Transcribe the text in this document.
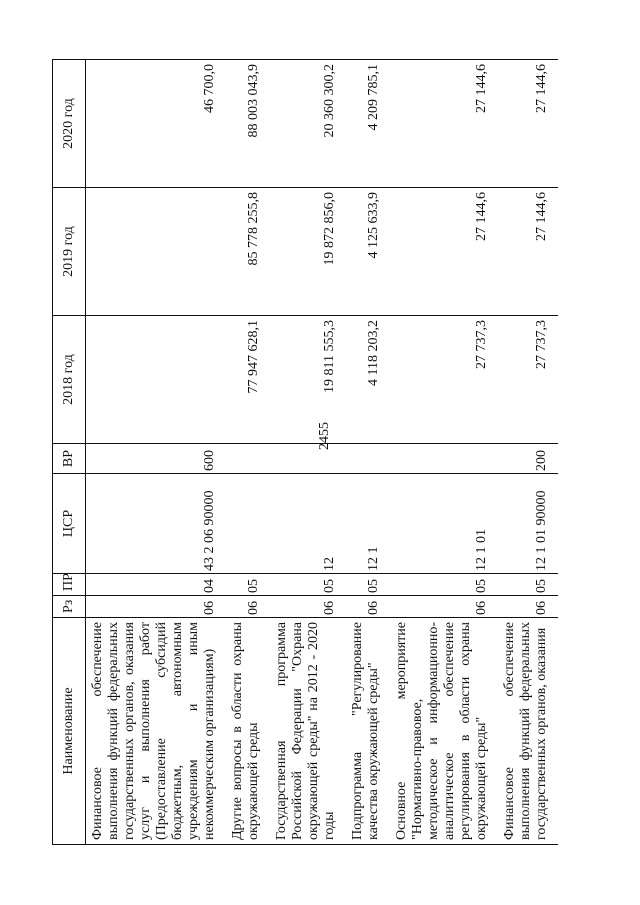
2455
Наименование	Рз	ПР	ЦСР	ВР	2018 год	2019 год	2020 год
Финансовое обеспечение выполнения функций федеральных государственных органов, оказания услуг и выполнения работ (Предоставление субсидий бюджетным, автономным учреждениям и иным некоммерческим организациям)	06	04	43 2 06 90000	600			46 700,0
Другие вопросы в области охраны окружающей среды	06	05			77 947 628,1	85 778 255,8	88 003 043,9
Государственная программа Российской Федерации "Охрана окружающей среды" на 2012 - 2020 годы	06	05	12		19 811 555,3	19 872 856,0	20 360 300,2
Подпрограмма "Регулирование качества окружающей среды"	06	05	12 1		4 118 203,2	4 125 633,9	4 209 785,1
Основное мероприятие "Нормативно-правовое, методическое и информационно-аналитическое обеспечение регулирования в области охраны окружающей среды"	06	05	12 1 01		27 737,3	27 144,6	27 144,6
Финансовое обеспечение выполнения функций федеральных государственных органов, оказания	06	05	12 1 01 90000	200	27 737,3	27 144,6	27 144,6
